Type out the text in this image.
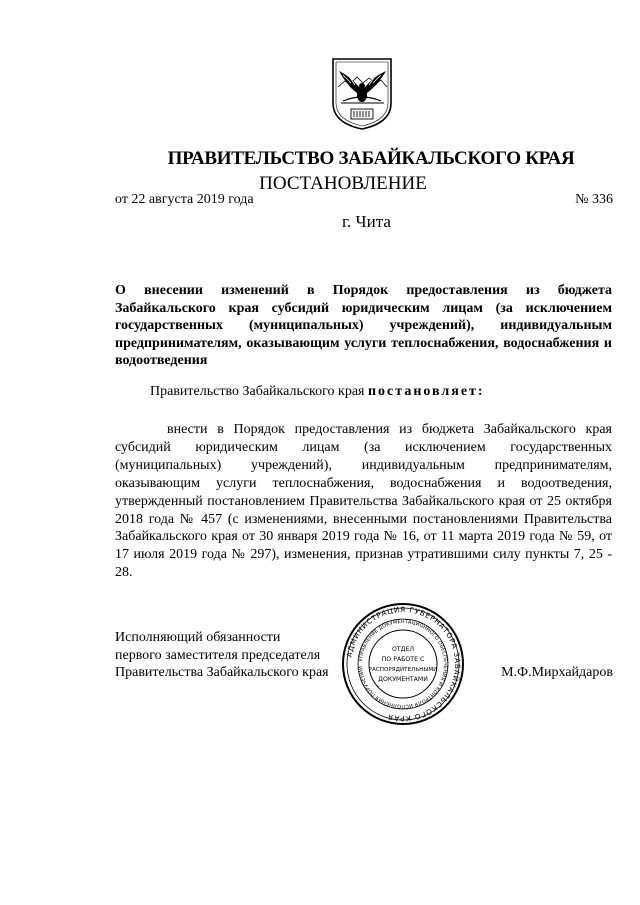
ПРАВИТЕЛЬСТВО ЗАБАЙКАЛЬСКОГО КРАЯ
ПОСТАНОВЛЕНИЕ
от 22 августа 2019 года	№ 336
г. Чита
О внесении изменений в Порядок предоставления из бюджета Забайкальского края субсидий юридическим лицам (за исключением государственных (муниципальных) учреждений), индивидуальным предпринимателям, оказывающим услуги теплоснабжения, водоснабжения и водоотведения
Правительство Забайкальского края постановляет:
внести в Порядок предоставления из бюджета Забайкальского края субсидий юридическим лицам (за исключением государственных (муниципальных) учреждений), индивидуальным предпринимателям, оказывающим услуги теплоснабжения, водоснабжения и водоотведения, утвержденный постановлением Правительства Забайкальского края от 25 октября 2018 года № 457 (с изменениями, внесенными постановлениями Правительства Забайкальского края от 30 января 2019 года № 16, от 11 марта 2019 года № 59, от 17 июля 2019 года № 297), изменения, признав утратившими силу пункты 7, 25 - 28.
Исполняющий обязанности
первого заместителя председателя
Правительства Забайкальского края	М.Ф.Мирхайдаров
АДМИНИСТРАЦИЯ ГУБЕРНАТОРА ЗАБАЙКАЛЬСКОГО КРАЯ
УПРАВЛЕНИЕ ДОКУМЕНТАЦИОННОГО ОБЕСПЕЧЕНИЯ И КОНТРОЛЯ ИСПОЛНЕНИЯ ПОРУЧЕНИЙ
ОТДЕЛ
ПО РАБОТЕ С
РАСПОРЯДИТЕЛЬНЫМИ
ДОКУМЕНТАМИ
